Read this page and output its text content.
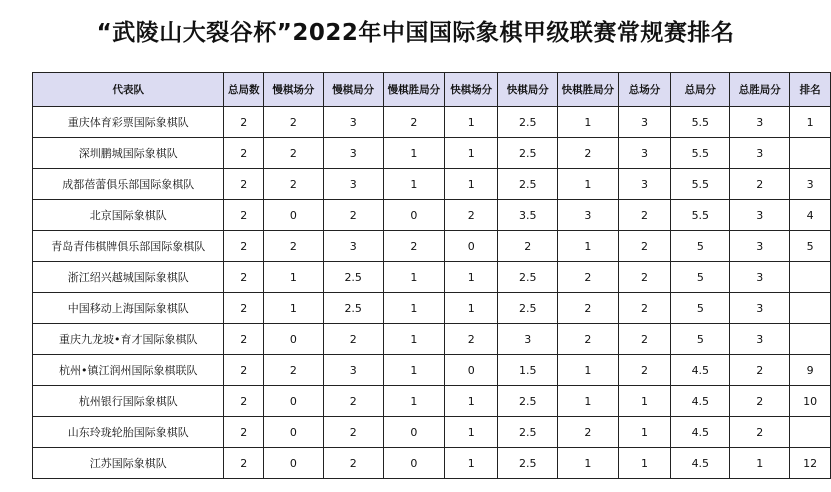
“武陵山大裂谷杯”2022年中国国际象棋甲级联赛常规赛排名
代表队	总局数	慢棋场分	慢棋局分	慢棋胜局分	快棋场分	快棋局分	快棋胜局分	总场分	总局分	总胜局分	排名
重庆体育彩票国际象棋队	2	2	3	2	1	2.5	1	3	5.5	3	1
深圳鹏城国际象棋队	2	2	3	1	1	2.5	2	3	5.5	3	
成都蓓蕾俱乐部国际象棋队	2	2	3	1	1	2.5	1	3	5.5	2	3
北京国际象棋队	2	0	2	0	2	3.5	3	2	5.5	3	4
青岛青伟棋牌俱乐部国际象棋队	2	2	3	2	0	2	1	2	5	3	5
浙江绍兴越城国际象棋队	2	1	2.5	1	1	2.5	2	2	5	3	
中国移动上海国际象棋队	2	1	2.5	1	1	2.5	2	2	5	3	
重庆九龙坡•育才国际象棋队	2	0	2	1	2	3	2	2	5	3	
杭州•镇江润州国际象棋联队	2	2	3	1	0	1.5	1	2	4.5	2	9
杭州银行国际象棋队	2	0	2	1	1	2.5	1	1	4.5	2	10
山东玲珑轮胎国际象棋队	2	0	2	0	1	2.5	2	1	4.5	2	
江苏国际象棋队	2	0	2	0	1	2.5	1	1	4.5	1	12
